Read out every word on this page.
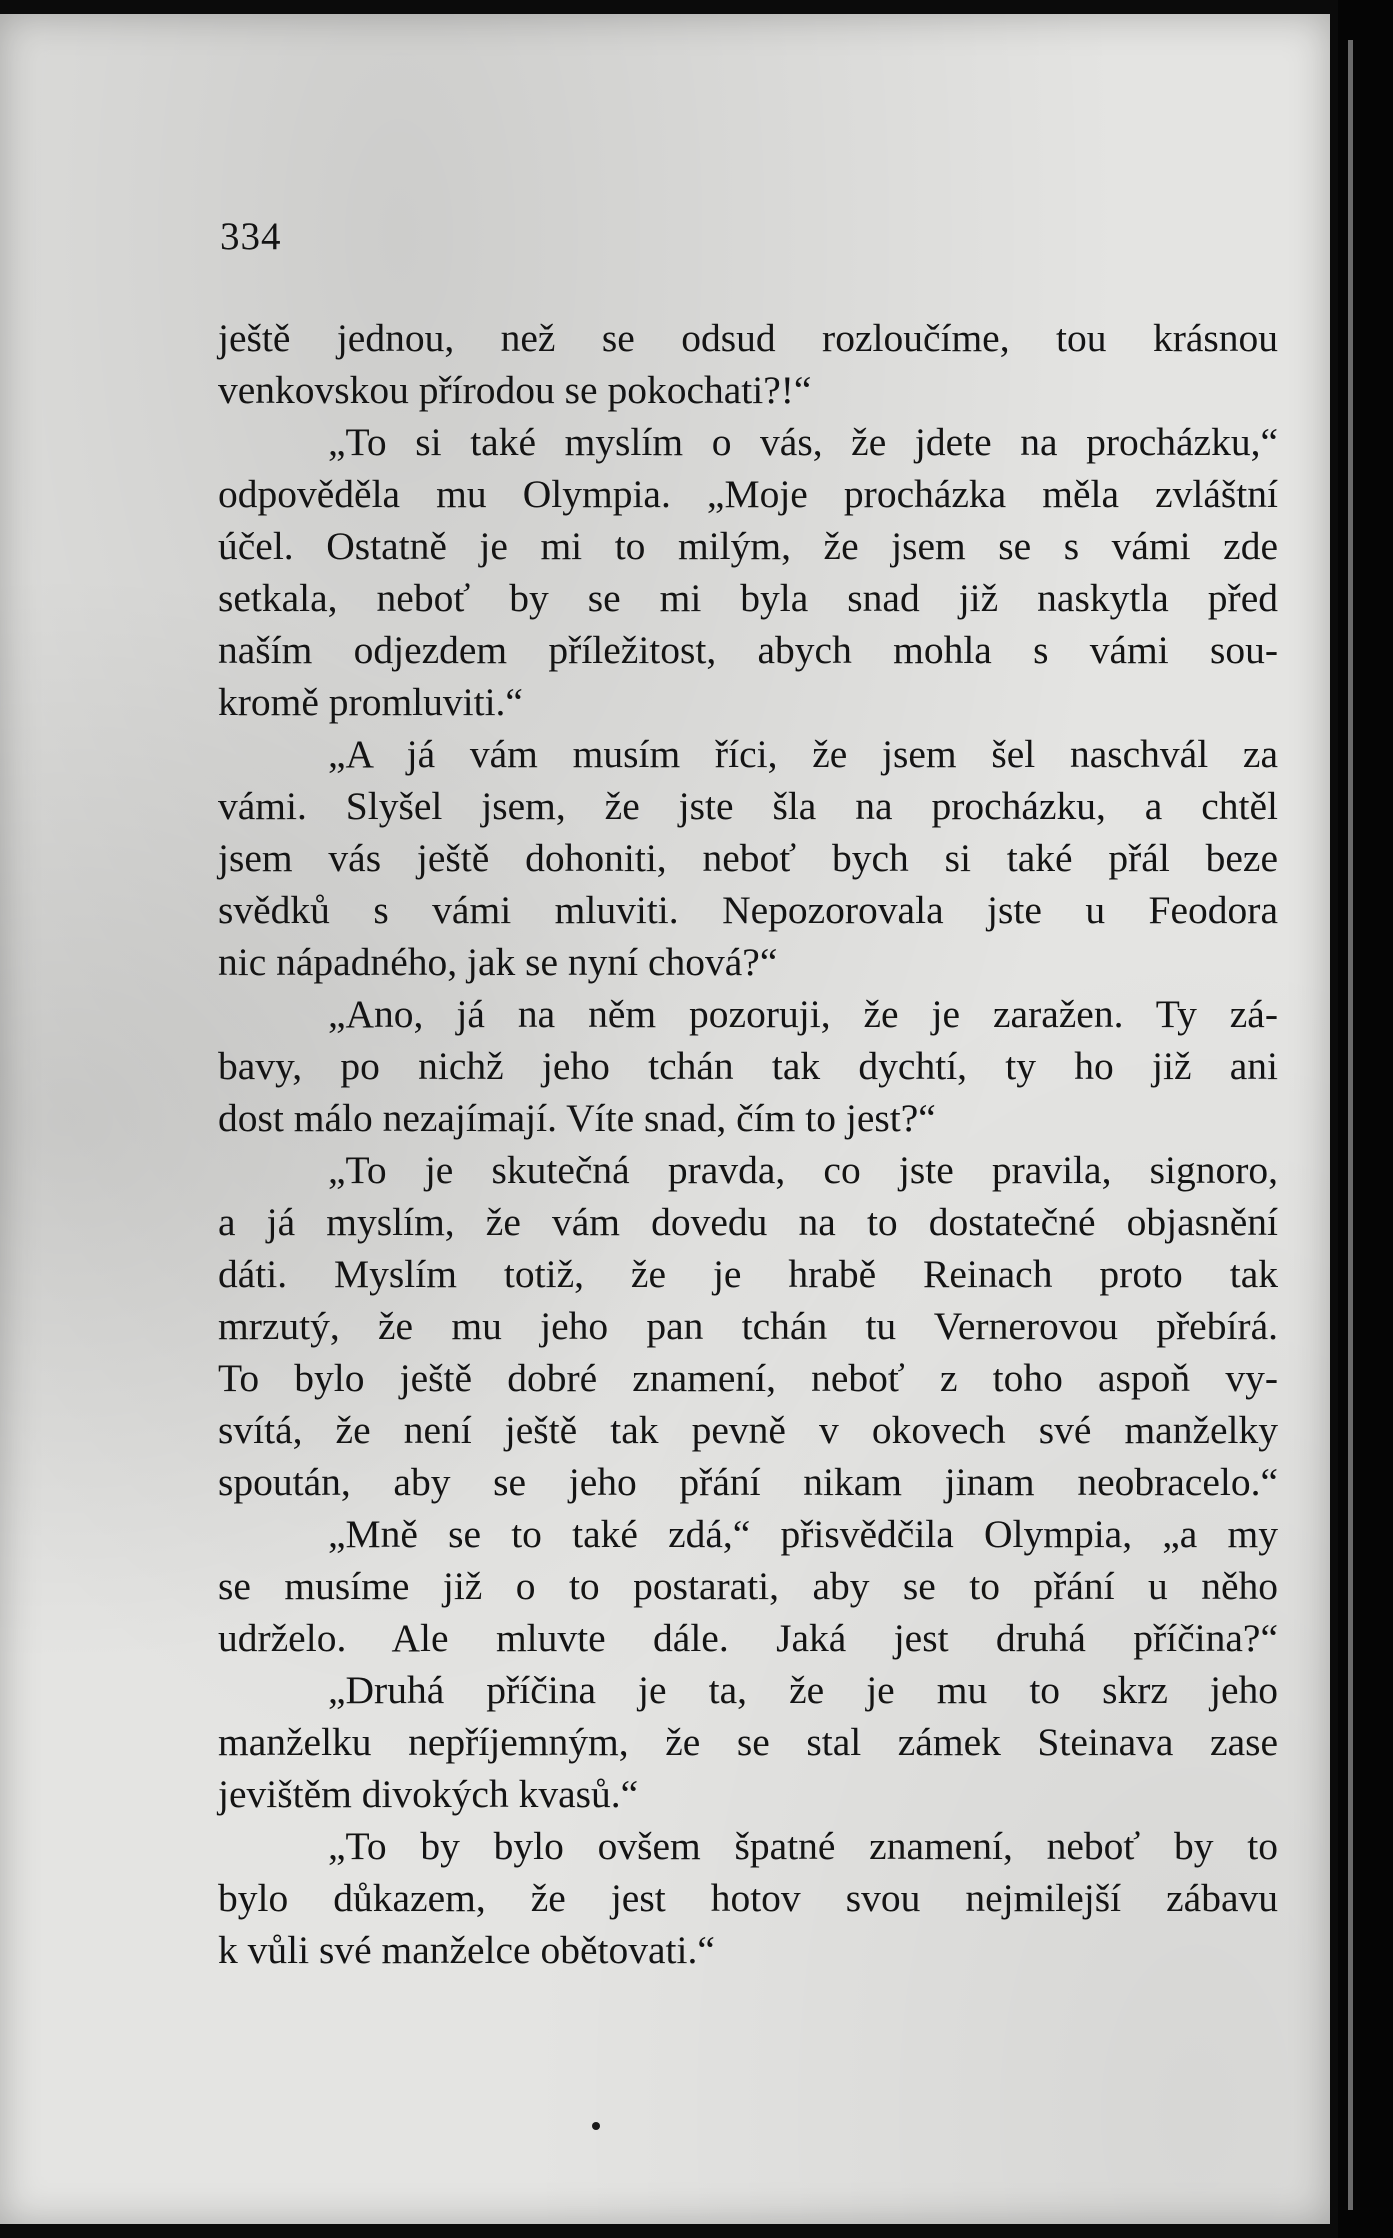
334
ještě jednou, než se odsud rozloučíme, tou krásnou
venkovskou přírodou se pokochati?!“
„To si také myslím o vás, že jdete na procházku,“
odpověděla mu Olympia. „Moje procházka měla zvláštní
účel. Ostatně je mi to milým, že jsem se s vámi zde
setkala, neboť by se mi byla snad již naskytla před
naším odjezdem příležitost, abych mohla s vámi sou-
kromě promluviti.“
„A já vám musím říci, že jsem šel naschvál za
vámi. Slyšel jsem, že jste šla na procházku, a chtěl
jsem vás ještě dohoniti, neboť bych si také přál beze
svědků s vámi mluviti. Nepozorovala jste u Feodora
nic nápadného, jak se nyní chová?“
„Ano, já na něm pozoruji, že je zaražen. Ty zá-
bavy, po nichž jeho tchán tak dychtí, ty ho již ani
dost málo nezajímají. Víte snad, čím to jest?“
„To je skutečná pravda, co jste pravila, signoro,
a já myslím, že vám dovedu na to dostatečné objasnění
dáti. Myslím totiž, že je hrabě Reinach proto tak
mrzutý, že mu jeho pan tchán tu Vernerovou přebírá.
To bylo ještě dobré znamení, neboť z toho aspoň vy-
svítá, že není ještě tak pevně v okovech své manželky
spoután, aby se jeho přání nikam jinam neobracelo.“
„Mně se to také zdá,“ přisvědčila Olympia, „a my
se musíme již o to postarati, aby se to přání u něho
udrželo. Ale mluvte dále. Jaká jest druhá příčina?“
„Druhá příčina je ta, že je mu to skrz jeho
manželku nepříjemným, že se stal zámek Steinava zase
jevištěm divokých kvasů.“
„To by bylo ovšem špatné znamení, neboť by to
bylo důkazem, že jest hotov svou nejmilejší zábavu
k vůli své manželce obětovati.“
